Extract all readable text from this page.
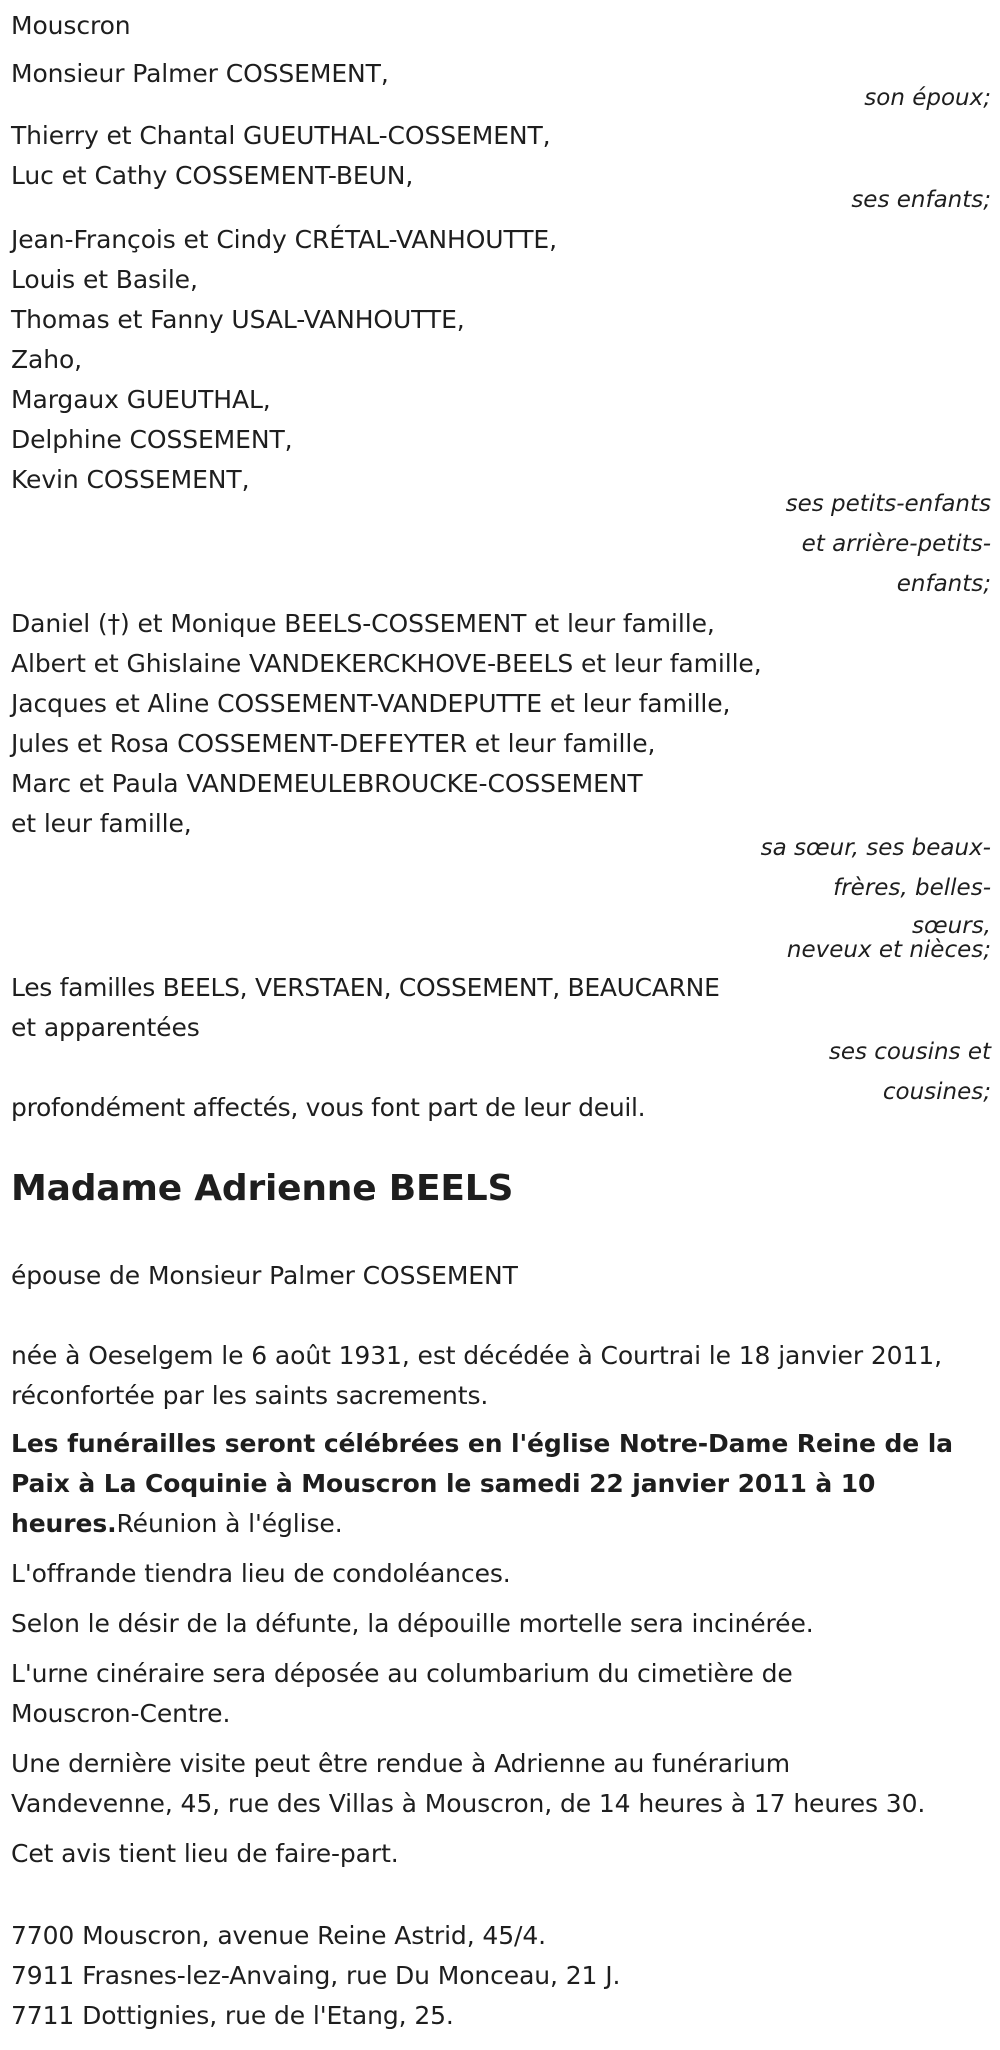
Mouscron
Monsieur Palmer COSSEMENT,
son époux;
Thierry et Chantal GUEUTHAL-COSSEMENT,
Luc et Cathy COSSEMENT-BEUN,
ses enfants;
Jean-François et Cindy CRÉTAL-VANHOUTTE,
Louis et Basile,
Thomas et Fanny USAL-VANHOUTTE,
Zaho,
Margaux GUEUTHAL,
Delphine COSSEMENT,
Kevin COSSEMENT,
ses petits-enfants
et arrière-petits-
enfants;
Daniel (†) et Monique BEELS-COSSEMENT et leur famille,
Albert et Ghislaine VANDEKERCKHOVE-BEELS et leur famille,
Jacques et Aline COSSEMENT-VANDEPUTTE et leur famille,
Jules et Rosa COSSEMENT-DEFEYTER et leur famille,
Marc et Paula VANDEMEULEBROUCKE-COSSEMENT
et leur famille,
sa sœur, ses beaux-
frères, belles-
sœurs,
neveux et nièces;
Les familles BEELS, VERSTAEN, COSSEMENT, BEAUCARNE
et apparentées
ses cousins et
cousines;
profondément affectés, vous font part de leur deuil.
Madame Adrienne BEELS
épouse de Monsieur Palmer COSSEMENT
née à Oeselgem le 6 août 1931, est décédée à Courtrai le 18 janvier 2011,
réconfortée par les saints sacrements.
Les funérailles seront célébrées en l'église Notre-Dame Reine de la
Paix à La Coquinie à Mouscron le samedi 22 janvier 2011 à 10
heures.Réunion à l'église.
L'offrande tiendra lieu de condoléances.
Selon le désir de la défunte, la dépouille mortelle sera incinérée.
L'urne cinéraire sera déposée au columbarium du cimetière de
Mouscron-Centre.
Une dernière visite peut être rendue à Adrienne au funérarium
Vandevenne, 45, rue des Villas à Mouscron, de 14 heures à 17 heures 30.
Cet avis tient lieu de faire-part.
7700 Mouscron, avenue Reine Astrid, 45/4.
7911 Frasnes-lez-Anvaing, rue Du Monceau, 21 J.
7711 Dottignies, rue de l'Etang, 25.
